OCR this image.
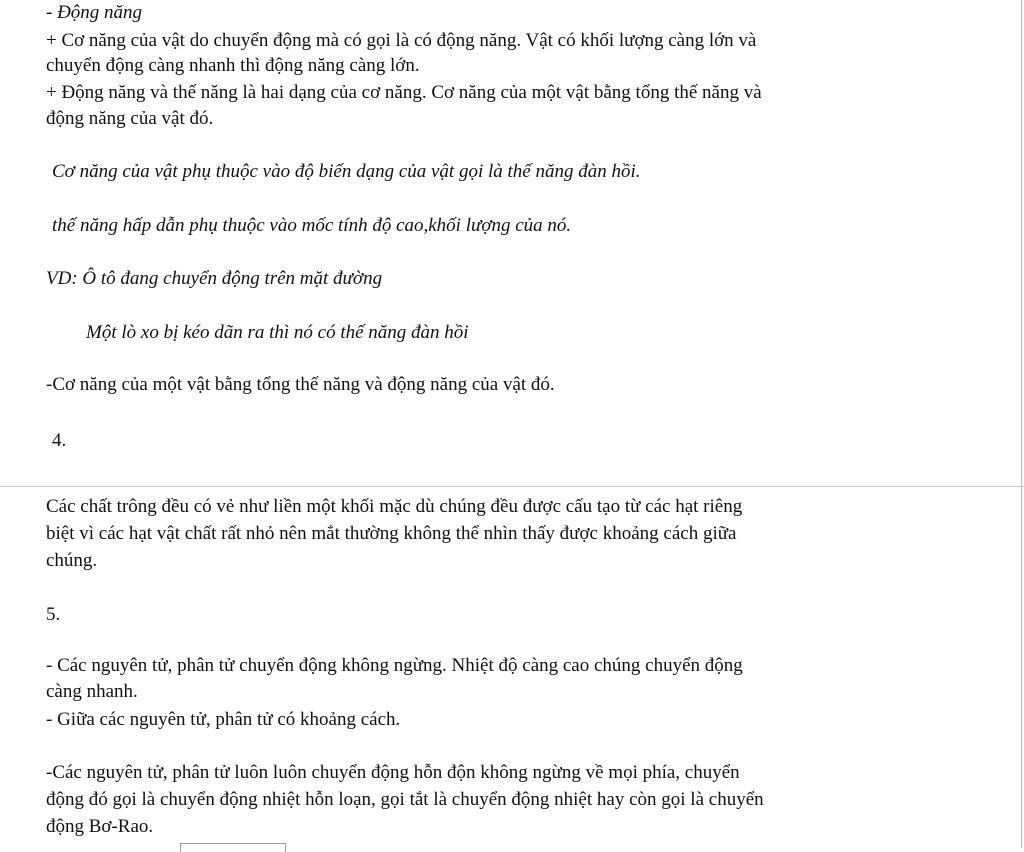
- Động năng
+ Cơ năng của vật do chuyển động mà có gọi là có động năng. Vật có khối lượng càng lớn và
chuyển động càng nhanh thì động năng càng lớn.
+ Động năng và thế năng là hai dạng của cơ năng. Cơ năng của một vật bằng tổng thế năng và
động năng của vật đó.
Cơ năng của vật phụ thuộc vào độ biến dạng của vật gọi là thế năng đàn hồi.
thế năng hấp dẫn phụ thuộc vào mốc tính độ cao,khối lượng của nó.
VD: Ô tô đang chuyển động trên mặt đường
Một lò xo bị kéo dãn ra thì nó có thế năng đàn hồi
-Cơ năng của một vật bằng tổng thế năng và động năng của vật đó.
4.
Các chất trông đều có vẻ như liền một khối mặc dù chúng đều được cấu tạo từ các hạt riêng
biệt vì các hạt vật chất rất nhỏ nên mắt thường không thể nhìn thấy được khoảng cách giữa
chúng.
5.
- Các nguyên tử, phân tử chuyển động không ngừng. Nhiệt độ càng cao chúng chuyển động
càng nhanh.
- Giữa các nguyên tử, phân tử có khoảng cách.
-Các nguyên tử, phân tử luôn luôn chuyển động hỗn độn không ngừng về mọi phía, chuyển
động đó gọi là chuyển động nhiệt hỗn loạn, gọi tắt là chuyển động nhiệt hay còn gọi là chuyển
động Bơ-Rao.
